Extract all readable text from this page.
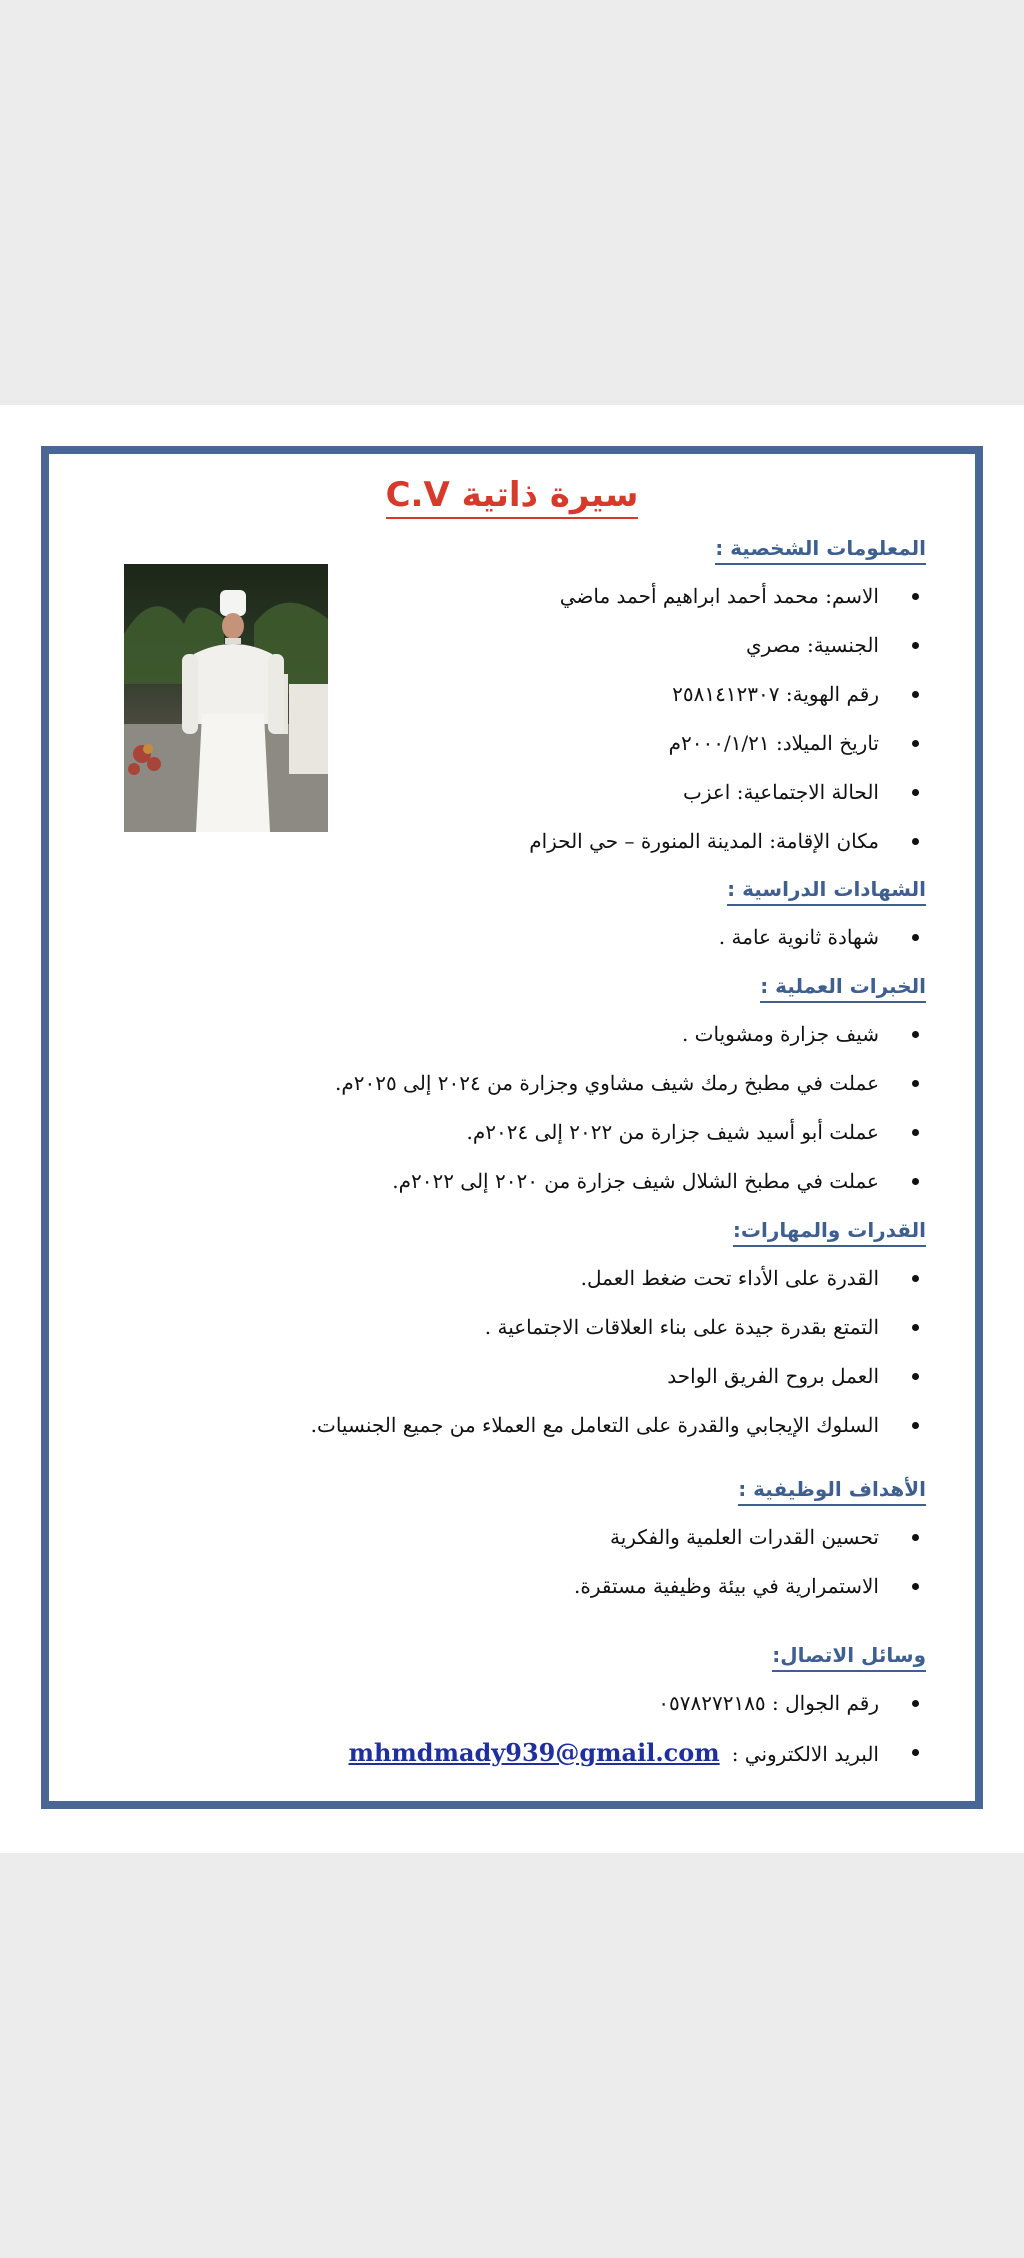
سيرة ذاتية C.V
المعلومات الشخصية :
الاسم: محمد أحمد ابراهيم أحمد ماضي
الجنسية: مصري
رقم الهوية: ٢٥٨١٤١٢٣٠٧
تاريخ الميلاد: ٢٠٠٠/١/٢١م
الحالة الاجتماعية: اعزب
مكان الإقامة: المدينة المنورة – حي الحزام
الشهادات الدراسية :
شهادة ثانوية عامة .
الخبرات العملية :
شيف جزارة ومشويات .
عملت في مطبخ رمك شيف مشاوي وجزارة من ٢٠٢٤ إلى ٢٠٢٥م.
عملت أبو أسيد شيف جزارة من ٢٠٢٢ إلى ٢٠٢٤م.
عملت في مطبخ الشلال شيف جزارة من ٢٠٢٠ إلى ٢٠٢٢م.
القدرات والمهارات:
القدرة على الأداء تحت ضغط العمل.
التمتع بقدرة جيدة على بناء العلاقات الاجتماعية .
العمل بروح الفريق الواحد
السلوك الإيجابي والقدرة على التعامل مع العملاء من جميع الجنسيات.
الأهداف الوظيفية :
تحسين القدرات العلمية والفكرية
الاستمرارية في بيئة وظيفية مستقرة.
وسائل الاتصال:
رقم الجوال : ٠٥٧٨٢٧٢١٨٥
البريد الالكتروني :mhmdmady939@gmail.com
